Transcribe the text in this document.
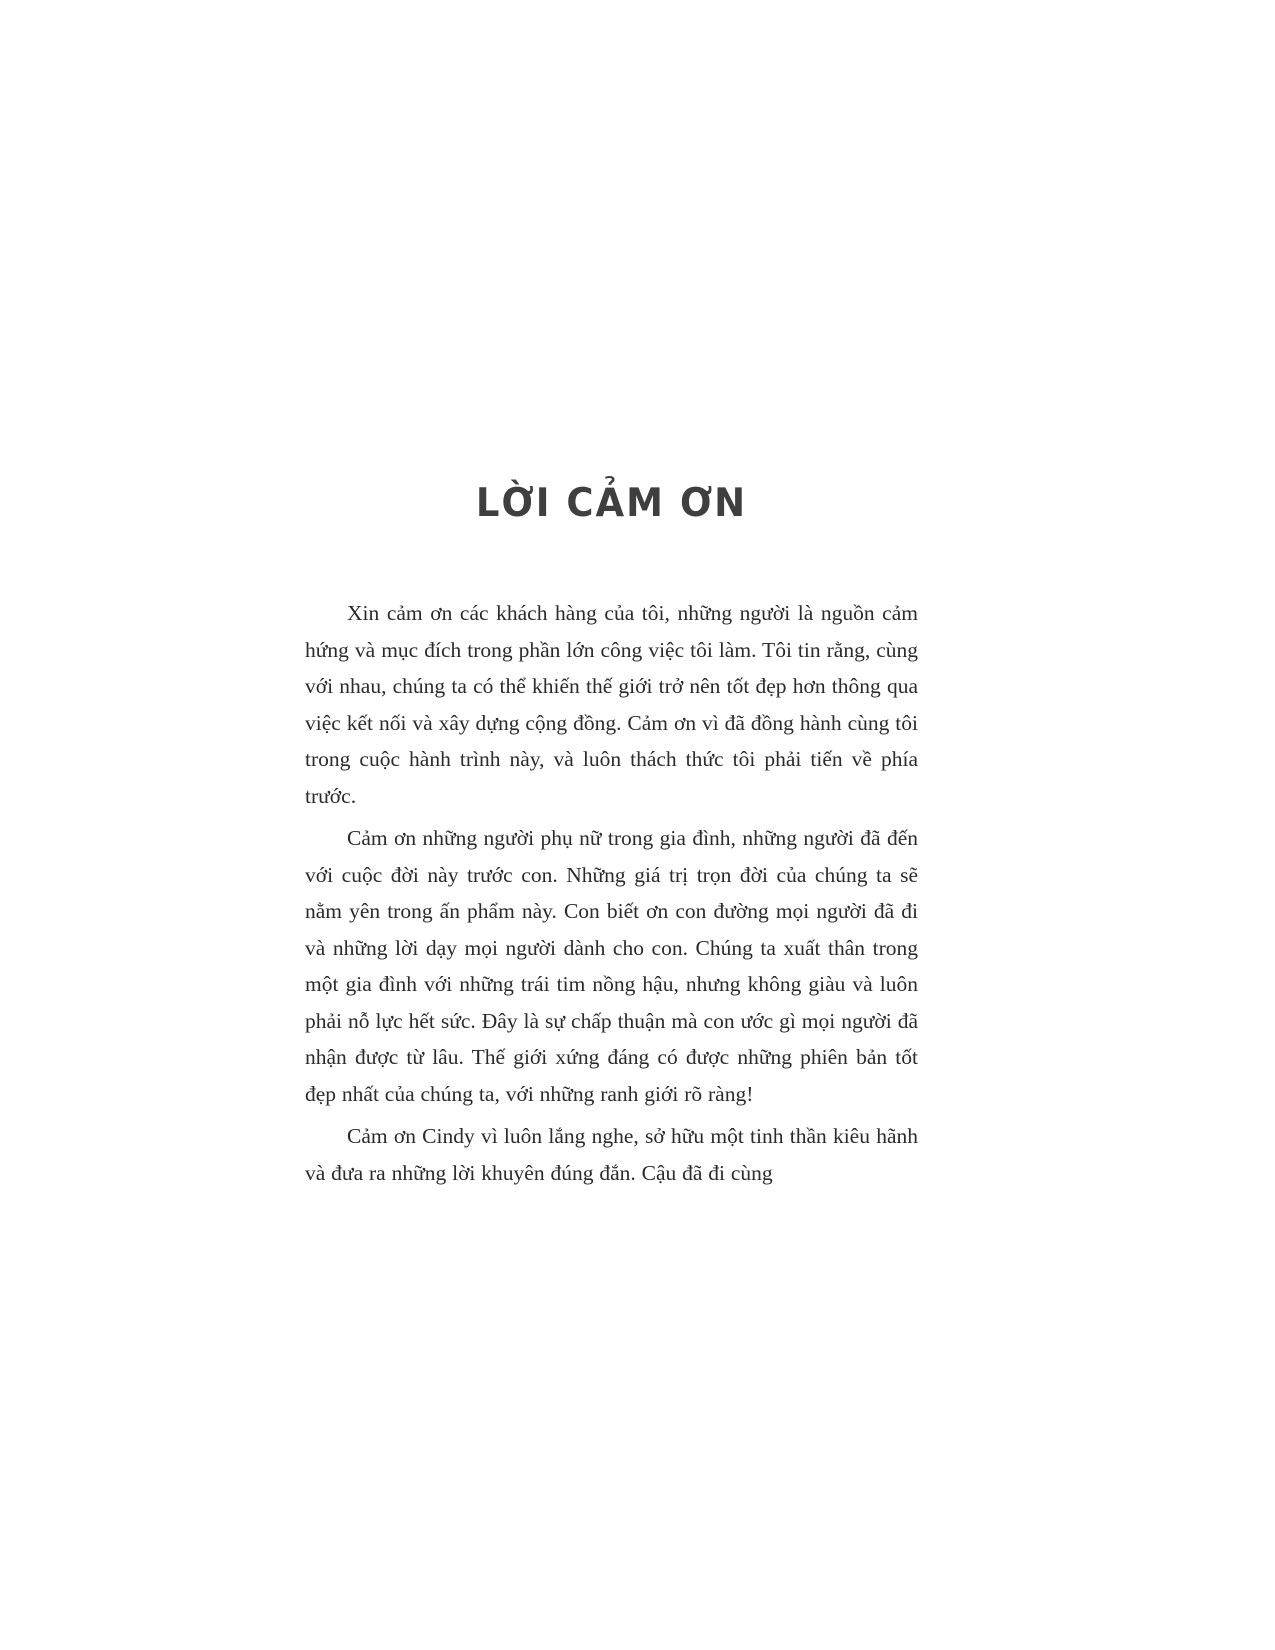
LỜI CẢM ƠN

Xin cảm ơn các khách hàng của tôi, những người là nguồn cảm hứng và mục đích trong phần lớn công việc tôi làm. Tôi tin rằng, cùng với nhau, chúng ta có thể khiến thế giới trở nên tốt đẹp hơn thông qua việc kết nối và xây dựng cộng đồng. Cảm ơn vì đã đồng hành cùng tôi trong cuộc hành trình này, và luôn thách thức tôi phải tiến về phía trước.

Cảm ơn những người phụ nữ trong gia đình, những người đã đến với cuộc đời này trước con. Những giá trị trọn đời của chúng ta sẽ nằm yên trong ấn phẩm này. Con biết ơn con đường mọi người đã đi và những lời dạy mọi người dành cho con. Chúng ta xuất thân trong một gia đình với những trái tim nồng hậu, nhưng không giàu và luôn phải nỗ lực hết sức. Đây là sự chấp thuận mà con ước gì mọi người đã nhận được từ lâu. Thế giới xứng đáng có được những phiên bản tốt đẹp nhất của chúng ta, với những ranh giới rõ ràng!

Cảm ơn Cindy vì luôn lắng nghe, sở hữu một tinh thần kiêu hãnh và đưa ra những lời khuyên đúng đắn. Cậu đã đi cùng
